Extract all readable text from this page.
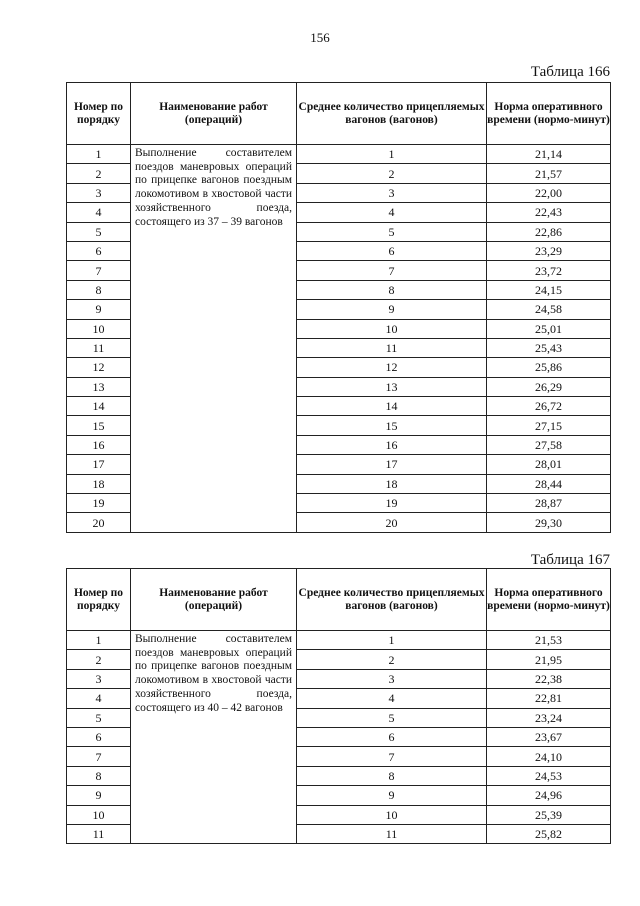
156
Таблица 166
Номер по порядку	Наименование работ (операций)	Среднее количество прицепляемых вагонов (вагонов)	Норма оперативного времени (нормо-минут)
1	Выполнение составителем поездов маневровых операций по прицепке вагонов поездным локомотивом в хвостовой части хозяйственного поезда, состоящего из 37 – 39 вагонов	1	21,14
2		2	21,57
3		3	22,00
4		4	22,43
5		5	22,86
6		6	23,29
7		7	23,72
8		8	24,15
9		9	24,58
10		10	25,01
11		11	25,43
12		12	25,86
13		13	26,29
14		14	26,72
15		15	27,15
16		16	27,58
17		17	28,01
18		18	28,44
19		19	28,87
20		20	29,30
Таблица 167
Номер по порядку	Наименование работ (операций)	Среднее количество прицепляемых вагонов (вагонов)	Норма оперативного времени (нормо-минут)
1	Выполнение составителем поездов маневровых операций по прицепке вагонов поездным локомотивом в хвостовой части хозяйственного поезда, состоящего из 40 – 42 вагонов	1	21,53
2		2	21,95
3		3	22,38
4		4	22,81
5		5	23,24
6		6	23,67
7		7	24,10
8		8	24,53
9		9	24,96
10		10	25,39
11		11	25,82
